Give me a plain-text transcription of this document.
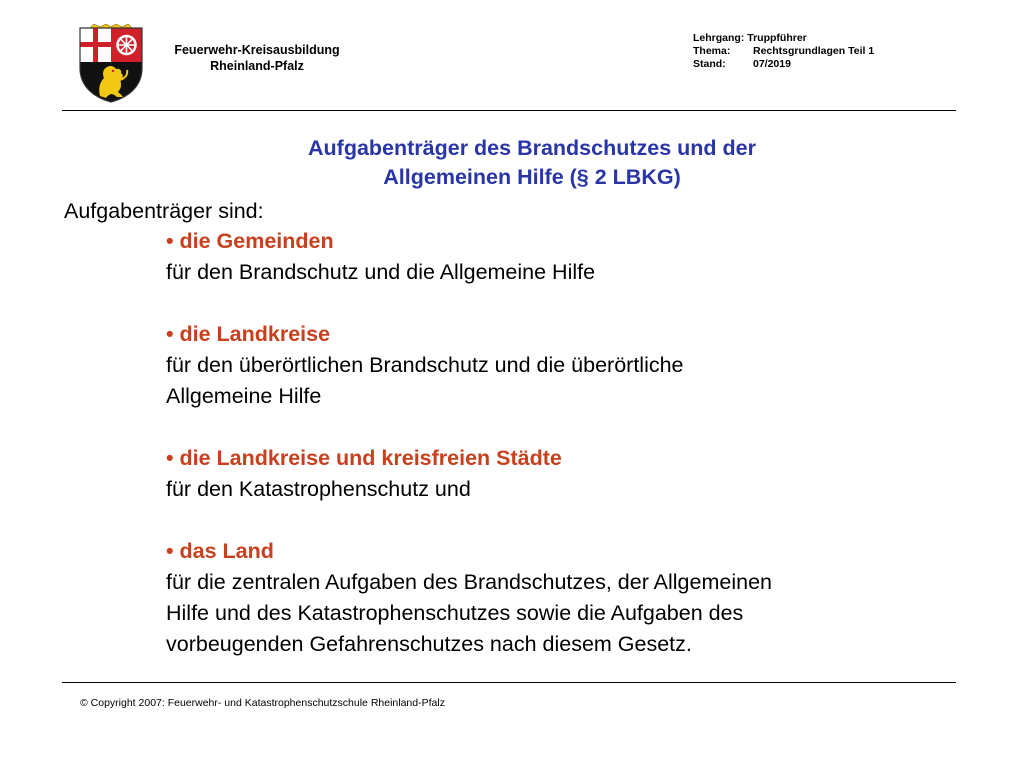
Feuerwehr-Kreisausbildung
Rheinland-Pfalz
Lehrgang: Truppführer
Thema: Rechtsgrundlagen Teil 1
Stand:	07/2019
Aufgabenträger des Brandschutzes und der
Allgemeinen Hilfe (§ 2 LBKG)
Aufgabenträger sind:
• die Gemeinden
für den Brandschutz und die Allgemeine Hilfe
• die Landkreise
für den überörtlichen Brandschutz und die überörtliche
Allgemeine Hilfe
• die Landkreise und kreisfreien Städte
für den Katastrophenschutz und
• das Land
für die zentralen Aufgaben des Brandschutzes, der Allgemeinen
Hilfe und des Katastrophenschutzes sowie die Aufgaben des
vorbeugenden Gefahrenschutzes nach diesem Gesetz.
© Copyright 2007: Feuerwehr- und Katastrophenschutzschule Rheinland-Pfalz
